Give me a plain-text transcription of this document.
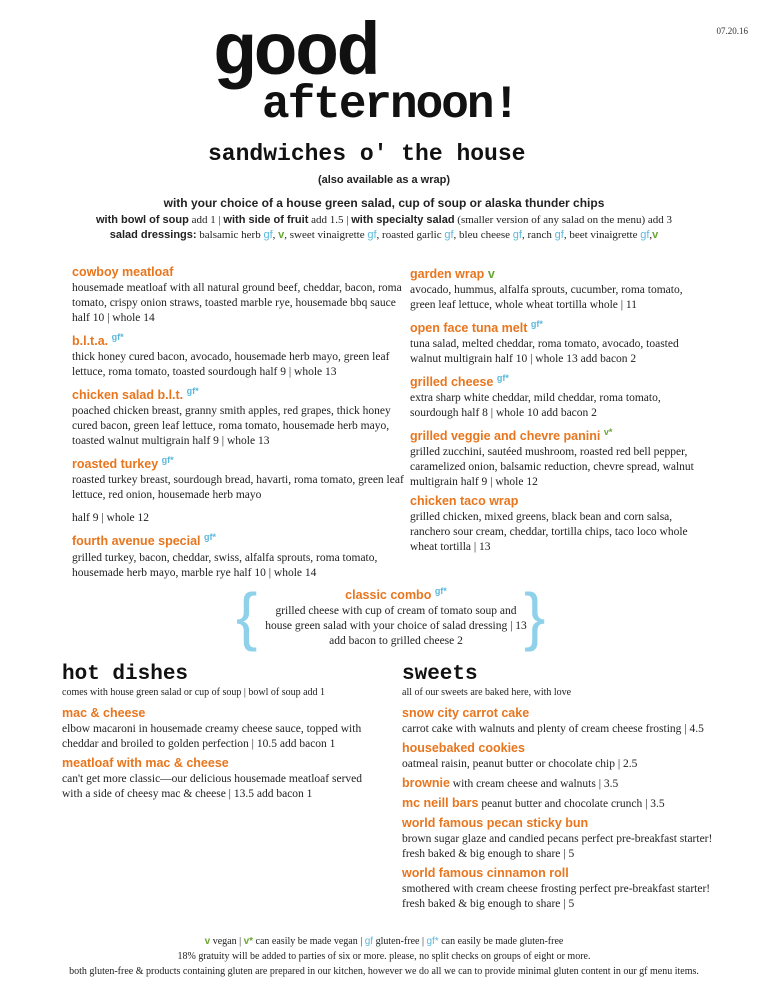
07.20.16
good
afternoon!
sandwiches o' the house
(also available as a wrap)
with your choice of a house green salad, cup of soup or alaska thunder chips
with bowl of soup add 1 | with side of fruit add 1.5 | with specialty salad (smaller version of any salad on the menu) add 3
salad dressings: balsamic herb gf, v, sweet vinaigrette gf, roasted garlic gf, bleu cheese gf, ranch gf, beet vinaigrette gf,v
cowboy meatloaf
housemade meatloaf with all natural ground beef, cheddar, bacon, roma tomato, crispy onion straws, toasted marble rye, housemade bbq sauce half 10 | whole 14
b.l.t.a. $^{gf*}$
thick honey cured bacon, avocado, housemade herb mayo, green leaf lettuce, roma tomato, toasted sourdough half 9 | whole 13
chicken salad b.l.t. $^{gf*}$
poached chicken breast, granny smith apples, red grapes, thick honey cured bacon, green leaf lettuce, roma tomato, housemade herb mayo, toasted walnut multigrain half 9 | whole 13
roasted turkey $^{gf*}$
roasted turkey breast, sourdough bread, havarti, roma tomato, green leaf lettuce, red onion, housemade herb mayo
half 9 | whole 12
fourth avenue special $^{gf*}$
grilled turkey, bacon, cheddar, swiss, alfalfa sprouts, roma tomato, housemade herb mayo, marble rye half 10 | whole 14
garden wrap v
avocado, hummus, alfalfa sprouts, cucumber, roma tomato, green leaf lettuce, whole wheat tortilla whole | 11
open face tuna melt $^{gf*}$
tuna salad, melted cheddar, roma tomato, avocado, toasted walnut multigrain half 10 | whole 13 add bacon 2
grilled cheese $^{gf*}$
extra sharp white cheddar, mild cheddar, roma tomato, sourdough half 8 | whole 10 add bacon 2
grilled veggie and chevre panini $^{v*}$
grilled zucchini, sautéed mushroom, roasted red bell pepper, caramelized onion, balsamic reduction, chevre spread, walnut multigrain half 9 | whole 12
chicken taco wrap
grilled chicken, mixed greens, black bean and corn salsa, ranchero sour cream, cheddar, tortilla chips, taco loco whole wheat tortilla | 13
{	}
classic combo $^{gf*}$
grilled cheese with cup of cream of tomato soup and
house green salad with your choice of salad dressing | 13
add bacon to grilled cheese 2
hot dishes
comes with house green salad or cup of soup | bowl of soup add 1
mac & cheese
elbow macaroni in housemade creamy cheese sauce, topped with cheddar and broiled to golden perfection | 10.5 add bacon 1
meatloaf with mac & cheese
can't get more classic—our delicious housemade meatloaf served with a side of cheesy mac & cheese | 13.5 add bacon 1
sweets
all of our sweets are baked here, with love
snow city carrot cake
carrot cake with walnuts and plenty of cream cheese frosting | 4.5
housebaked cookies
oatmeal raisin, peanut butter or chocolate chip | 2.5
brownie with cream cheese and walnuts | 3.5
mc neill bars peanut butter and chocolate crunch | 3.5
world famous pecan sticky bun
brown sugar glaze and candied pecans perfect pre-breakfast starter! fresh baked & big enough to share | 5
world famous cinnamon roll
smothered with cream cheese frosting perfect pre-breakfast starter! fresh baked & big enough to share | 5
v vegan | v* can easily be made vegan | gf gluten-free | gf* can easily be made gluten-free
18% gratuity will be added to parties of six or more. please, no split checks on groups of eight or more.
both gluten-free & products containing gluten are prepared in our kitchen, however we do all we can to provide minimal gluten content in our gf menu items.
